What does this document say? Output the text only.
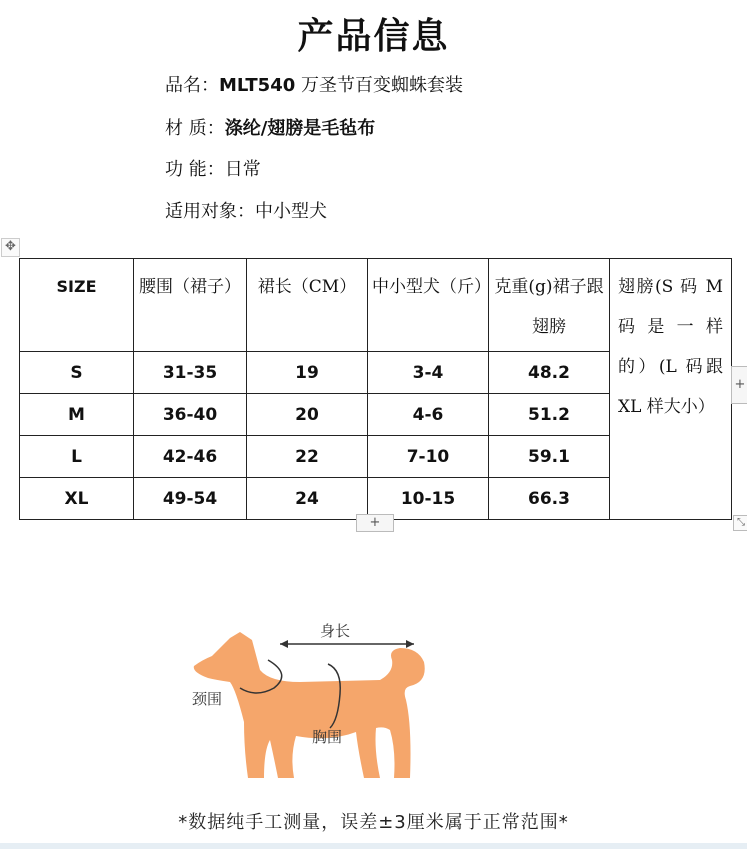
产品信息
品名：MLT540 万圣节百变蜘蛛套装
材 质：涤纶/翅膀是毛毡布
功 能：日常
适用对象：中小型犬
✥
SIZE	腰围（裙子）	裙长（CM）	中小型犬（斤）	克重(g)裙子跟翅膀	翅膀(S 码 M 码 是 一 样 的）(L 码跟 XL 样大小）
S	31-35	19	3-4	48.2	
M	36-40	20	4-6	51.2	
L	42-46	22	7-10	59.1	
XL	49-54	24	10-15	66.3	
+
+	⤡
身长
颈围
胸围
*数据纯手工测量，误差±3厘米属于正常范围*
